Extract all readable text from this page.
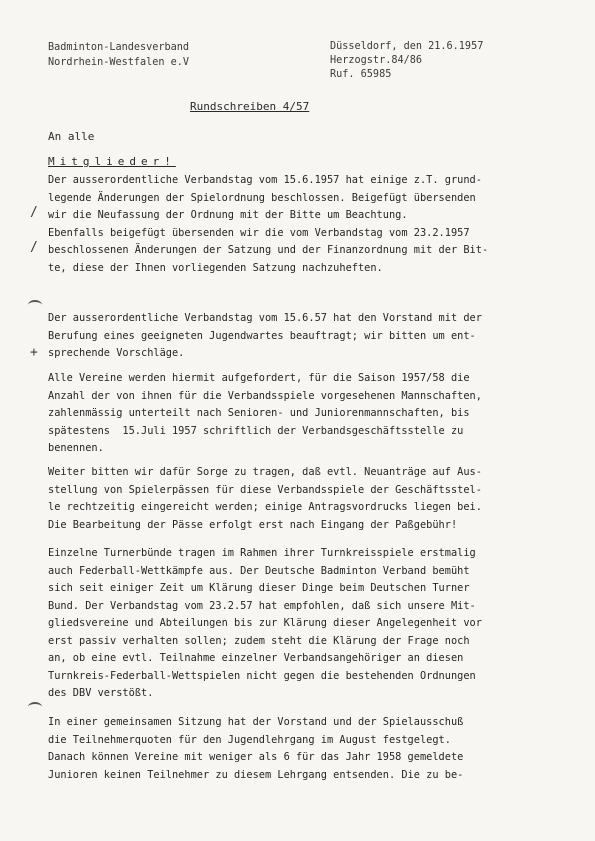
Badminton-Landesverband
Nordrhein-Westfalen e.V
Düsseldorf, den 21.6.1957
Herzogstr.84/86
Ruf. 65985
Rundschreiben 4/57
An alle
Mitglieder!
Der ausserordentliche Verbandstag vom 15.6.1957 hat einige z.T. grund-
legende Änderungen der Spielordnung beschlossen. Beigefügt übersenden
wir die Neufassung der Ordnung mit der Bitte um Beachtung.
Ebenfalls beigefügt übersenden wir die vom Verbandstag vom 23.2.1957
beschlossenen Änderungen der Satzung und der Finanzordnung mit der Bit-
te, diese der Ihnen vorliegenden Satzung nachzuheften.
Der ausserordentliche Verbandstag vom 15.6.57 hat den Vorstand mit der
Berufung eines geeigneten Jugendwartes beauftragt; wir bitten um ent-
sprechende Vorschläge.
Alle Vereine werden hiermit aufgefordert, für die Saison 1957/58 die
Anzahl der von ihnen für die Verbandsspiele vorgesehenen Mannschaften,
zahlenmässig unterteilt nach Senioren- und Juniorenmannschaften, bis
spätestens  15.Juli 1957 schriftlich der Verbandsgeschäftsstelle zu
benennen.
Weiter bitten wir dafür Sorge zu tragen, daß evtl. Neuanträge auf Aus-
stellung von Spielerpässen für diese Verbandsspiele der Geschäftsstel-
le rechtzeitig eingereicht werden; einige Antragsvordrucks liegen bei.
Die Bearbeitung der Pässe erfolgt erst nach Eingang der Paßgebühr!
Einzelne Turnerbünde tragen im Rahmen ihrer Turnkreisspiele erstmalig
auch Federball-Wettkämpfe aus. Der Deutsche Badminton Verband bemüht
sich seit einiger Zeit um Klärung dieser Dinge beim Deutschen Turner
Bund. Der Verbandstag vom 23.2.57 hat empfohlen, daß sich unsere Mit-
gliedsvereine und Abteilungen bis zur Klärung dieser Angelegenheit vor
erst passiv verhalten sollen; zudem steht die Klärung der Frage noch
an, ob eine evtl. Teilnahme einzelner Verbandsangehöriger an diesen
Turnkreis-Federball-Wettspielen nicht gegen die bestehenden Ordnungen
des DBV verstößt.
In einer gemeinsamen Sitzung hat der Vorstand und der Spielausschuß
die Teilnehmerquoten für den Jugendlehrgang im August festgelegt.
Danach können Vereine mit weniger als 6 für das Jahr 1958 gemeldete
Junioren keinen Teilnehmer zu diesem Lehrgang entsenden. Die zu be-
/
/
+
